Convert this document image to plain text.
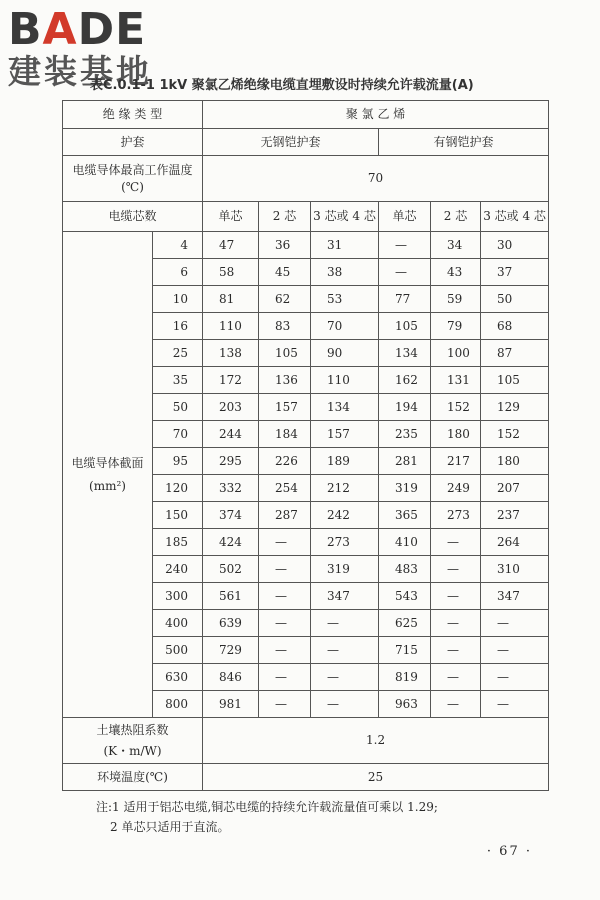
BADE
建装基地
表C.0.1-1 1kV 聚氯乙烯绝缘电缆直埋敷设时持续允许载流量(A)
绝 缘 类 型		聚 氯 乙 烯					
护套		无钢铠护套			有钢铠护套		
电缆导体最高工作温度(℃)		70					
电缆芯数		单芯	2 芯	3 芯或 4 芯	单芯	2 芯	3 芯或 4 芯

电缆导体截面
(mm²)	4	47	36	31	—	34	30
	6	58	45	38	—	43	37
	10	81	62	53	77	59	50
	16	110	83	70	105	79	68
	25	138	105	90	134	100	87
	35	172	136	110	162	131	105
	50	203	157	134	194	152	129
	70	244	184	157	235	180	152
	95	295	226	189	281	217	180
	120	332	254	212	319	249	207
	150	374	287	242	365	273	237
	185	424	—	273	410	—	264
	240	502	—	319	483	—	310
	300	561	—	347	543	—	347
	400	639	—	—	625	—	—
	500	729	—	—	715	—	—
	630	846	—	—	819	—	—
	800	981	—	—	963	—	—

土壤热阻系数
(K・m/W)		1.2					
环境温度(℃)		25					
注:1 适用于铝芯电缆,铜芯电缆的持续允许载流量值可乘以 1.29;
2 单芯只适用于直流。
· 67 ·
